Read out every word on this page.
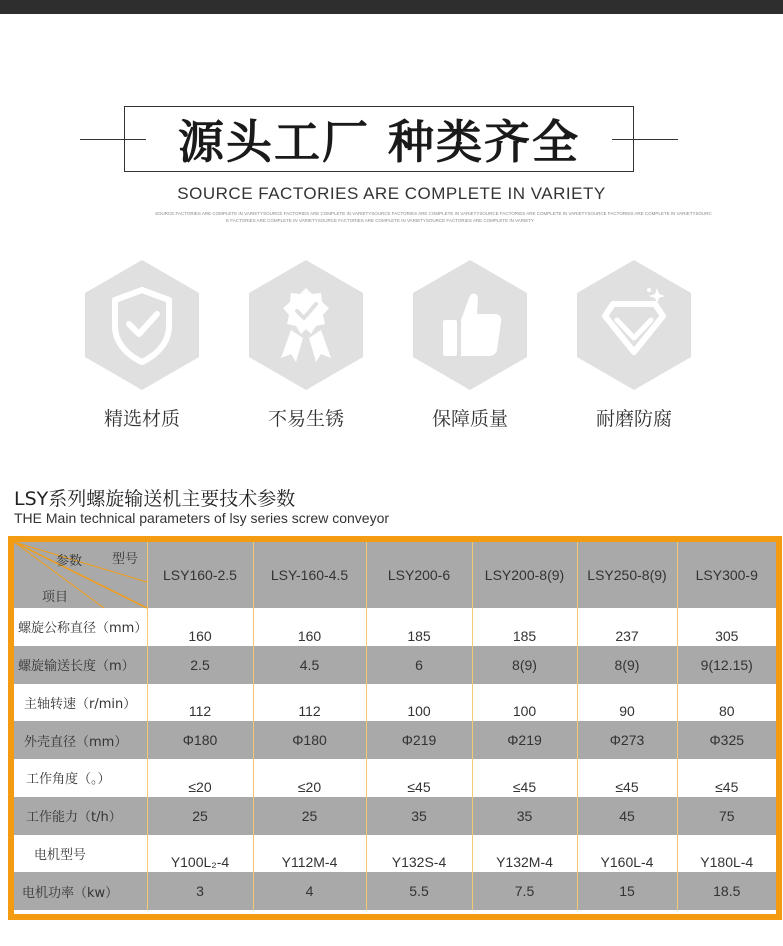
源头工厂 种类齐全
SOURCE FACTORIES ARE COMPLETE IN VARIETY
SOURCE FACTORIES ARE COMPLETE IN VARIETYSOURCE FACTORIES ARE COMPLETE IN VARIETYSOURCE FACTORIES ARE COMPLETE IN VARIETYSOURCE FACTORIES ARE COMPLETE IN VARIETYSOURCE FACTORIES ARE COMPLETE IN VARIETYSOURC
E FACTORIES ARE COMPLETE IN VARIETYSOURCE FACTORIES ARE COMPLETE IN VARIETYSOURCE FACTORIES ARE COMPLETE IN VARIETY
精选材质	不易生锈	保障质量	耐磨防腐
LSY系列螺旋输送机主要技术参数
THE Main technical parameters of lsy series screw conveyor
参数 型号
项目	LSY160-2.5	LSY-160-4.5	LSY200-6	LSY200-8(9)	LSY250-8(9)	LSY300-9
螺旋公称直径（mm）	160	160	185	185	237	305
螺旋输送长度（m）	2.5	4.5	6	8(9)	8(9)	9(12.15)
主轴转速（r/min）	112	112	100	100	90	80
外壳直径（mm）	Φ180	Φ180	Φ219	Φ219	Φ273	Φ325
工作角度（。）	≤20	≤20	≤45	≤45	≤45	≤45
工作能力（t/h）	25	25	35	35	45	75
电机型号	Y100L₂-4	Y112M-4	Y132S-4	Y132M-4	Y160L-4	Y180L-4
电机功率（kw）	3	4	5.5	7.5	15	18.5
